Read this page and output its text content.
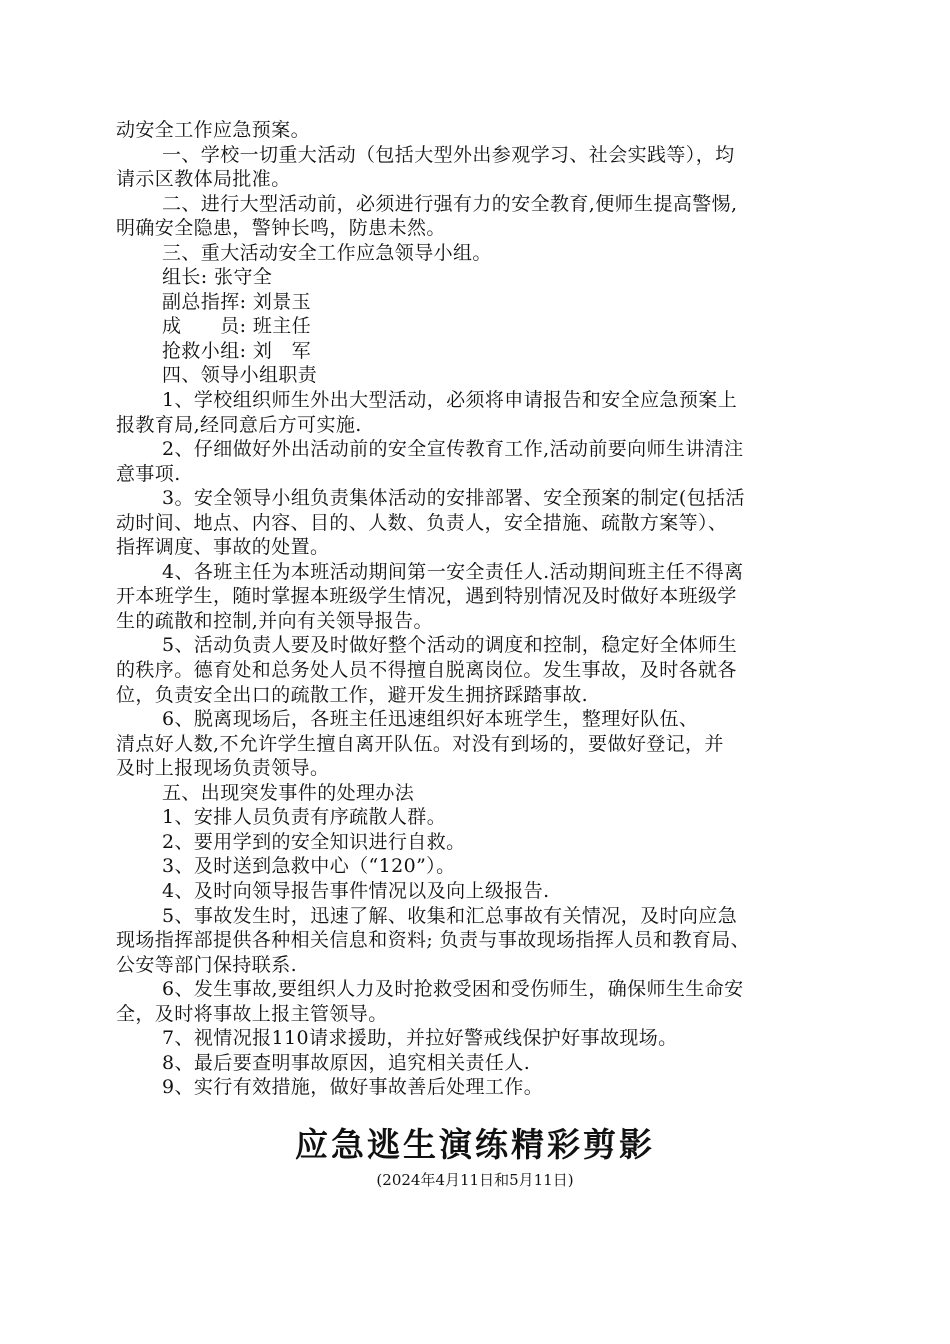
动安全工作应急预案。
一、学校一切重大活动（包括大型外出参观学习、社会实践等），均
请示区教体局批准。
二、进行大型活动前，必须进行强有力的安全教育,便师生提高警惕,
明确安全隐患，警钟长鸣，防患未然。
三、重大活动安全工作应急领导小组。
组长: 张守全
副总指挥: 刘景玉
成　　员: 班主任
抢救小组: 刘　军
四、领导小组职责
1、学校组织师生外出大型活动，必须将申请报告和安全应急预案上
报教育局,经同意后方可实施.
2、仔细做好外出活动前的安全宣传教育工作,活动前要向师生讲清注
意事项.
3。安全领导小组负责集体活动的安排部署、安全预案的制定(包括活
动时间、地点、内容、目的、人数、负责人，安全措施、疏散方案等）、
指挥调度、事故的处置。
4、各班主任为本班活动期间第一安全责任人.活动期间班主任不得离
开本班学生，随时掌握本班级学生情况，遇到特别情况及时做好本班级学
生的疏散和控制,并向有关领导报告。
5、活动负责人要及时做好整个活动的调度和控制，稳定好全体师生
的秩序。德育处和总务处人员不得擅自脱离岗位。发生事故，及时各就各
位，负责安全出口的疏散工作，避开发生拥挤踩踏事故.
6、脱离现场后，各班主任迅速组织好本班学生，整理好队伍、
清点好人数,不允许学生擅自离开队伍。对没有到场的，要做好登记，并
及时上报现场负责领导。
五、出现突发事件的处理办法
1、安排人员负责有序疏散人群。
2、要用学到的安全知识进行自救。
3、及时送到急救中心（“120”）。
4、及时向领导报告事件情况以及向上级报告.
5、事故发生时，迅速了解、收集和汇总事故有关情况，及时向应急
现场指挥部提供各种相关信息和资料; 负责与事故现场指挥人员和教育局、
公安等部门保持联系.
6、发生事故,要组织人力及时抢救受困和受伤师生，确保师生生命安
全，及时将事故上报主管领导。
7、视情况报110请求援助，并拉好警戒线保护好事故现场。
8、最后要查明事故原因，追究相关责任人.
9、实行有效措施，做好事故善后处理工作。
应急逃生演练精彩剪影
(2024年4月11日和5月11日)
